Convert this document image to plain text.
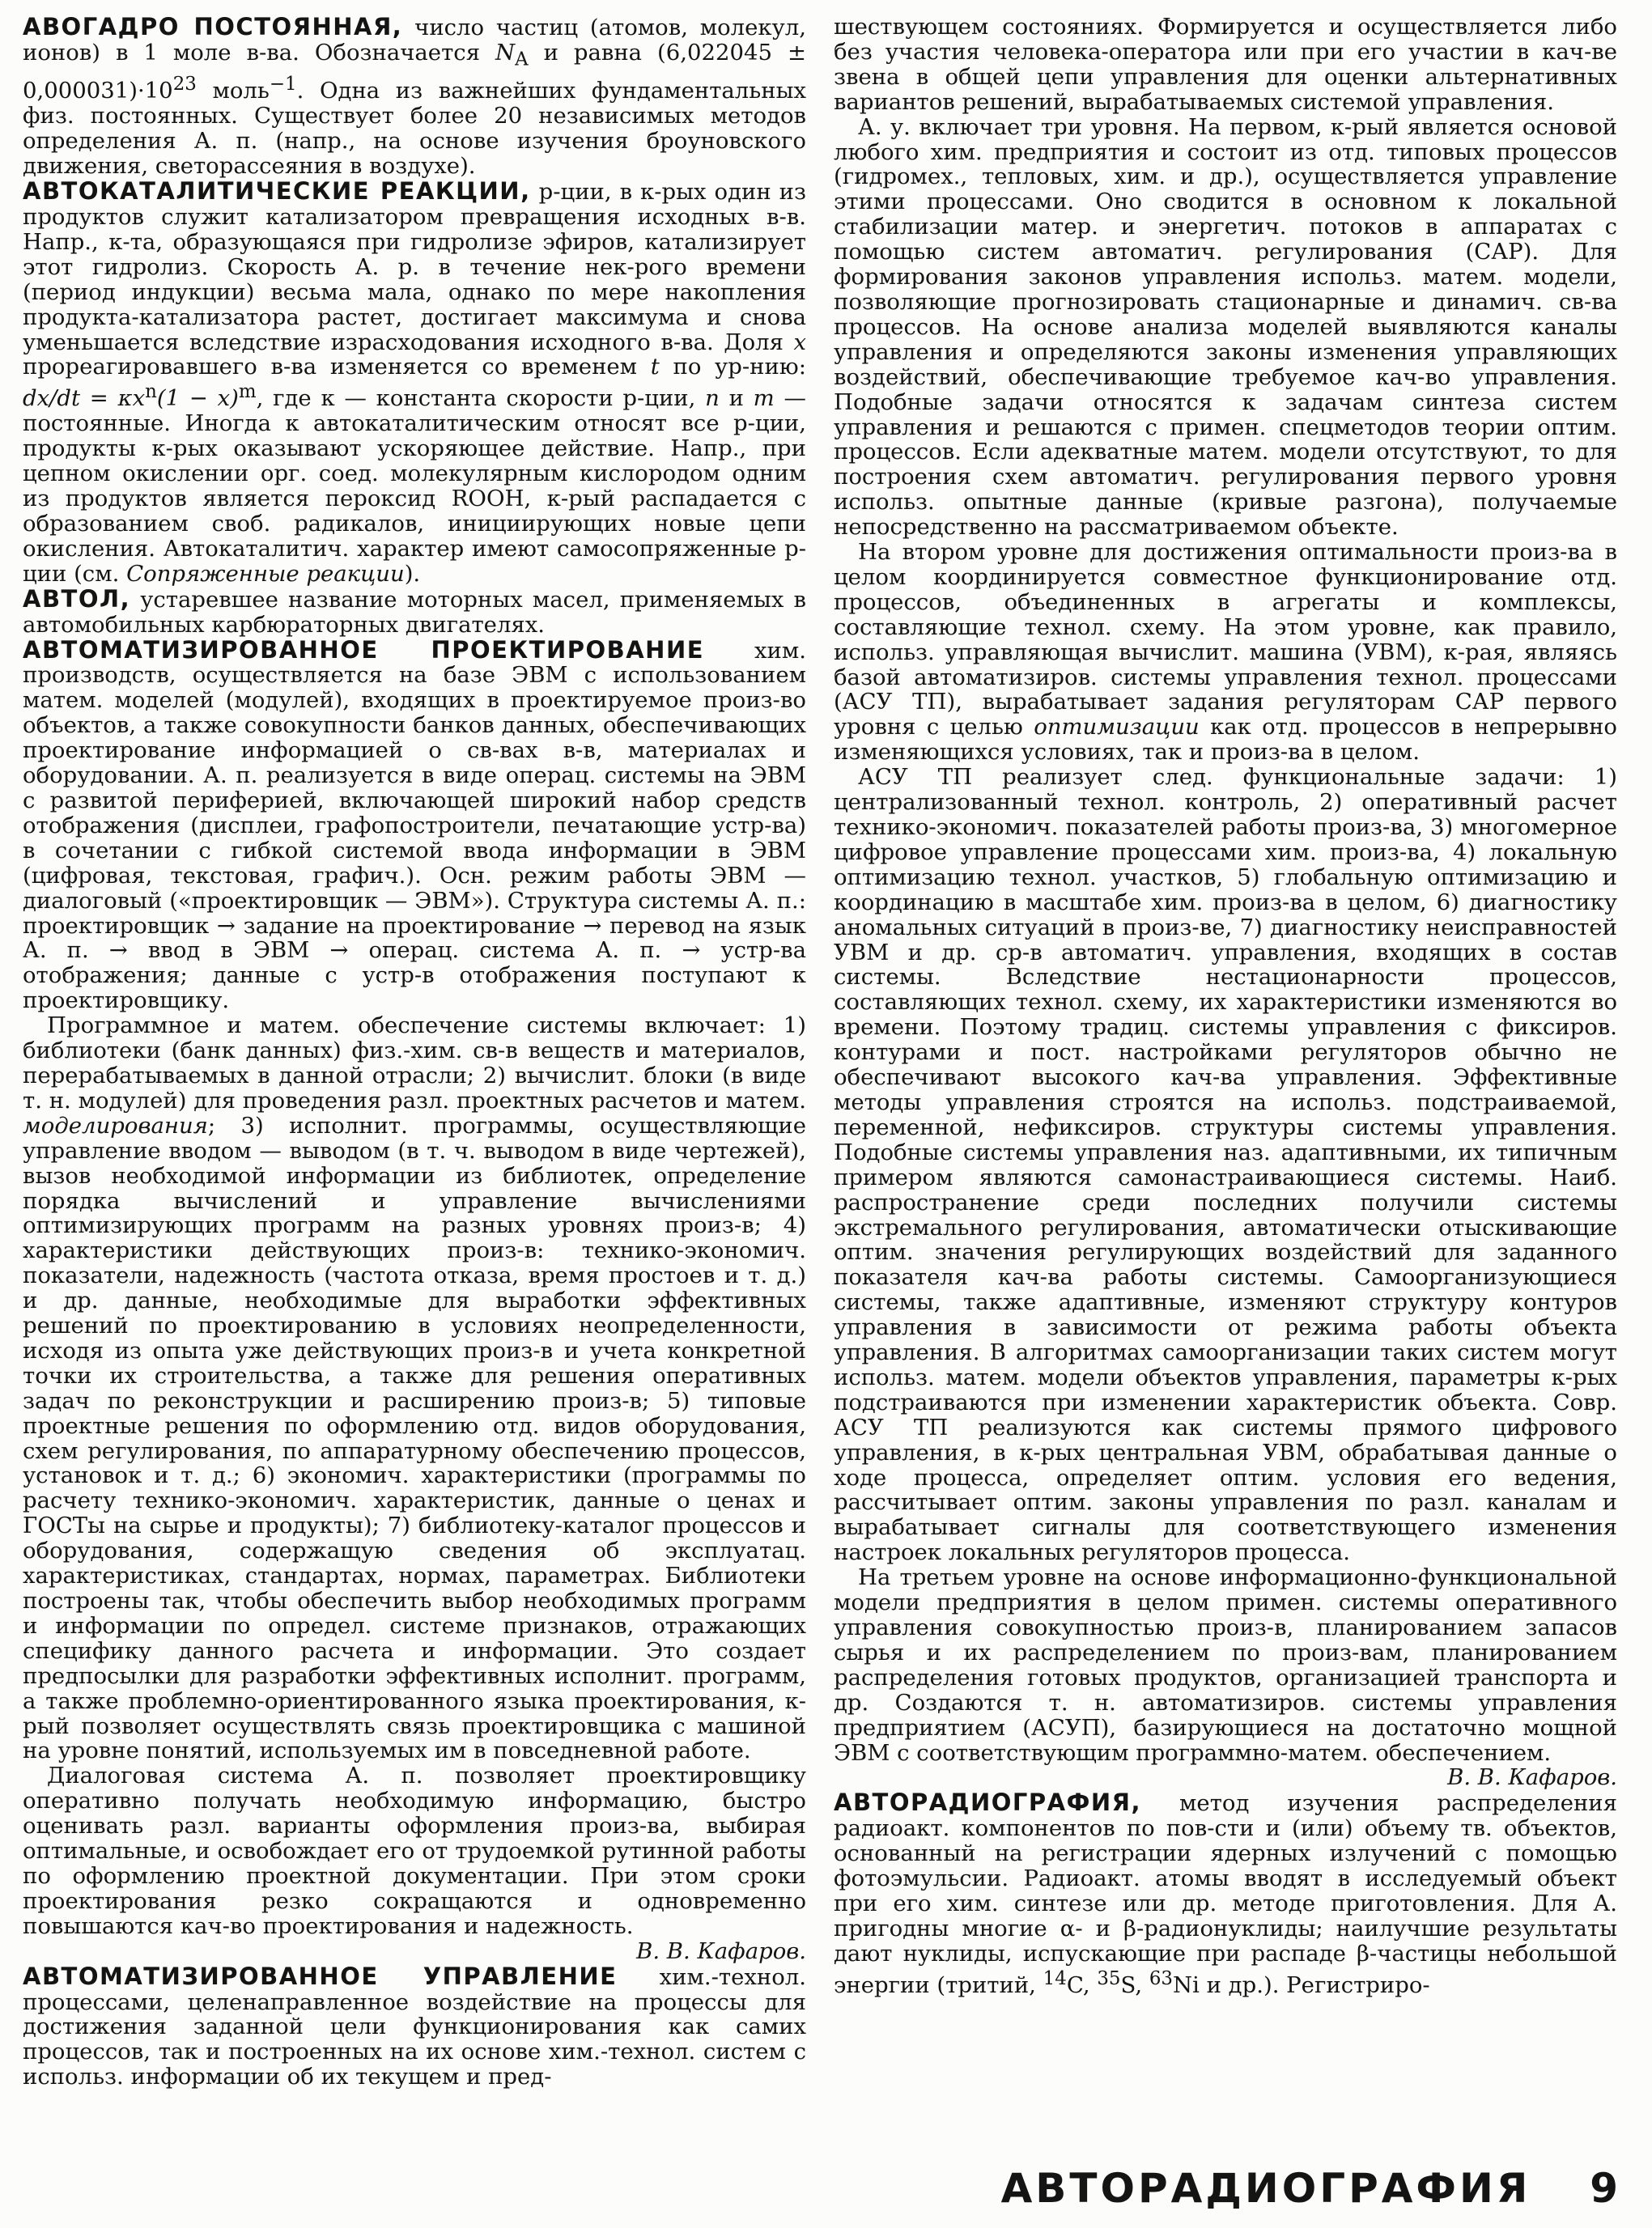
АВОГАДРО ПОСТОЯННАЯ, число частиц (атомов, молекул, ионов) в 1 моле в-ва. Обозначается $N_A$ и равна $(6,022045 \pm 0,000031)\cdot 10^{23}$ моль$^{-1}$. Одна из важнейших фундаментальных физ. постоянных. Существует более 20 независимых методов определения А. п. (напр., на основе изучения броуновского движения, светорассеяния в воздухе).

АВТОКАТАЛИТИЧЕСКИЕ РЕАКЦИИ, р-ции, в к-рых один из продуктов служит катализатором превращения исходных в-в. Напр., к-та, образующаяся при гидролизе эфиров, катализирует этот гидролиз. Скорость А. р. в течение нек-рого времени (период индукции) весьма мала, однако по мере накопления продукта-катализатора растет, достигает максимума и снова уменьшается вследствие израсходования исходного в-ва. Доля x прореагировавшего в-ва изменяется со временем t по ур-нию: $dx/dt = \kappa x^n(1 - x)^m$, где κ — константа скорости р-ции, n и m — постоянные. Иногда к автокаталитическим относят все р-ции, продукты к-рых оказывают ускоряющее действие. Напр., при цепном окислении орг. соед. молекулярным кислородом одним из продуктов является пероксид ROOH, к-рый распадается с образованием своб. радикалов, инициирующих новые цепи окисления. Автокаталитич. характер имеют самосопряженные р-ции (см. Сопряженные реакции).

АВТОЛ, устаревшее название моторных масел, применяемых в автомобильных карбюраторных двигателях.

АВТОМАТИЗИРОВАННОЕ ПРОЕКТИРОВАНИЕ хим. производств, осуществляется на базе ЭВМ с использованием матем. моделей (модулей), входящих в проектируемое произ-во объектов, а также совокупности банков данных, обеспечивающих проектирование информацией о св-вах в-в, материалах и оборудовании. А. п. реализуется в виде операц. системы на ЭВМ с развитой периферией, включающей широкий набор средств отображения (дисплеи, графопостроители, печатающие устр-ва) в сочетании с гибкой системой ввода информации в ЭВМ (цифровая, текстовая, графич.). Осн. режим работы ЭВМ — диалоговый («проектировщик — ЭВМ»). Структура системы А. п.: проектировщик → задание на проектирование → перевод на язык А. п. → ввод в ЭВМ → операц. система А. п. → устр-ва отображения; данные с устр-в отображения поступают к проектировщику.

Программное и матем. обеспечение системы включает: 1) библиотеки (банк данных) физ.-хим. св-в веществ и материалов, перерабатываемых в данной отрасли; 2) вычислит. блоки (в виде т. н. модулей) для проведения разл. проектных расчетов и матем. моделирования; 3) исполнит. программы, осуществляющие управление вводом — выводом (в т. ч. выводом в виде чертежей), вызов необходимой информации из библиотек, определение порядка вычислений и управление вычислениями оптимизирующих программ на разных уровнях произ-в; 4) характеристики действующих произ-в: технико-экономич. показатели, надежность (частота отказа, время простоев и т. д.) и др. данные, необходимые для выработки эффективных решений по проектированию в условиях неопределенности, исходя из опыта уже действующих произ-в и учета конкретной точки их строительства, а также для решения оперативных задач по реконструкции и расширению произ-в; 5) типовые проектные решения по оформлению отд. видов оборудования, схем регулирования, по аппаратурному обеспечению процессов, установок и т. д.; 6) экономич. характеристики (программы по расчету технико-экономич. характеристик, данные о ценах и ГОСТы на сырье и продукты); 7) библиотеку-каталог процессов и оборудования, содержащую сведения об эксплуатац. характеристиках, стандартах, нормах, параметрах. Библиотеки построены так, чтобы обеспечить выбор необходимых программ и информации по определ. системе признаков, отражающих специфику данного расчета и информации. Это создает предпосылки для разработки эффективных исполнит. программ, а также проблемно-ориентированного языка проектирования, к-рый позволяет осуществлять связь проектировщика с машиной на уровне понятий, используемых им в повседневной работе.

Диалоговая система А. п. позволяет проектировщику оперативно получать необходимую информацию, быстро оценивать разл. варианты оформления произ-ва, выбирая оптимальные, и освобождает его от трудоемкой рутинной работы по оформлению проектной документации. При этом сроки проектирования резко сокращаются и одновременно повышаются кач-во проектирования и надежность.

В. В. Кафаров.

АВТОМАТИЗИРОВАННОЕ УПРАВЛЕНИЕ хим.-технол. процессами, целенаправленное воздействие на процессы для достижения заданной цели функционирования как самих процессов, так и построенных на их основе хим.-технол. систем с использ. информации об их текущем и пред-

шествующем состояниях. Формируется и осуществляется либо без участия человека-оператора или при его участии в кач-ве звена в общей цепи управления для оценки альтернативных вариантов решений, вырабатываемых системой управления.

А. у. включает три уровня. На первом, к-рый является основой любого хим. предприятия и состоит из отд. типовых процессов (гидромех., тепловых, хим. и др.), осуществляется управление этими процессами. Оно сводится в основном к локальной стабилизации матер. и энергетич. потоков в аппаратах с помощью систем автоматич. регулирования (САР). Для формирования законов управления использ. матем. модели, позволяющие прогнозировать стационарные и динамич. св-ва процессов. На основе анализа моделей выявляются каналы управления и определяются законы изменения управляющих воздействий, обеспечивающие требуемое кач-во управления. Подобные задачи относятся к задачам синтеза систем управления и решаются с примен. спецметодов теории оптим. процессов. Если адекватные матем. модели отсутствуют, то для построения схем автоматич. регулирования первого уровня использ. опытные данные (кривые разгона), получаемые непосредственно на рассматриваемом объекте.

На втором уровне для достижения оптимальности произ-ва в целом координируется совместное функционирование отд. процессов, объединенных в агрегаты и комплексы, составляющие технол. схему. На этом уровне, как правило, использ. управляющая вычислит. машина (УВМ), к-рая, являясь базой автоматизиров. системы управления технол. процессами (АСУ ТП), вырабатывает задания регуляторам САР первого уровня с целью оптимизации как отд. процессов в непрерывно изменяющихся условиях, так и произ-ва в целом.

АСУ ТП реализует след. функциональные задачи: 1) централизованный технол. контроль, 2) оперативный расчет технико-экономич. показателей работы произ-ва, 3) многомерное цифровое управление процессами хим. произ-ва, 4) локальную оптимизацию технол. участков, 5) глобальную оптимизацию и координацию в масштабе хим. произ-ва в целом, 6) диагностику аномальных ситуаций в произ-ве, 7) диагностику неисправностей УВМ и др. ср-в автоматич. управления, входящих в состав системы. Вследствие нестационарности процессов, составляющих технол. схему, их характеристики изменяются во времени. Поэтому традиц. системы управления с фиксиров. контурами и пост. настройками регуляторов обычно не обеспечивают высокого кач-ва управления. Эффективные методы управления строятся на использ. подстраиваемой, переменной, нефиксиров. структуры системы управления. Подобные системы управления наз. адаптивными, их типичным примером являются самонастраивающиеся системы. Наиб. распространение среди последних получили системы экстремального регулирования, автоматически отыскивающие оптим. значения регулирующих воздействий для заданного показателя кач-ва работы системы. Самоорганизующиеся системы, также адаптивные, изменяют структуру контуров управления в зависимости от режима работы объекта управления. В алгоритмах самоорганизации таких систем могут использ. матем. модели объектов управления, параметры к-рых подстраиваются при изменении характеристик объекта. Совр. АСУ ТП реализуются как системы прямого цифрового управления, в к-рых центральная УВМ, обрабатывая данные о ходе процесса, определяет оптим. условия его ведения, рассчитывает оптим. законы управления по разл. каналам и вырабатывает сигналы для соответствующего изменения настроек локальных регуляторов процесса.

На третьем уровне на основе информационно-функциональной модели предприятия в целом примен. системы оперативного управления совокупностью произ-в, планированием запасов сырья и их распределением по произ-вам, планированием распределения готовых продуктов, организацией транспорта и др. Создаются т. н. автоматизиров. системы управления предприятием (АСУП), базирующиеся на достаточно мощной ЭВМ с соответствующим программно-матем. обеспечением.

В. В. Кафаров.

АВТОРАДИОГРАФИЯ, метод изучения распределения радиоакт. компонентов по пов-сти и (или) объему тв. объектов, основанный на регистрации ядерных излучений с помощью фотоэмульсии. Радиоакт. атомы вводят в исследуемый объект при его хим. синтезе или др. методе приготовления. Для А. пригодны многие α- и β-радионуклиды; наилучшие результаты дают нуклиды, испускающие при распаде β-частицы небольшой энергии (тритий, $^{14}$C, $^{35}$S, $^{63}$Ni и др.). Регистриро-

АВТОРАДИОГРАФИЯ 9
